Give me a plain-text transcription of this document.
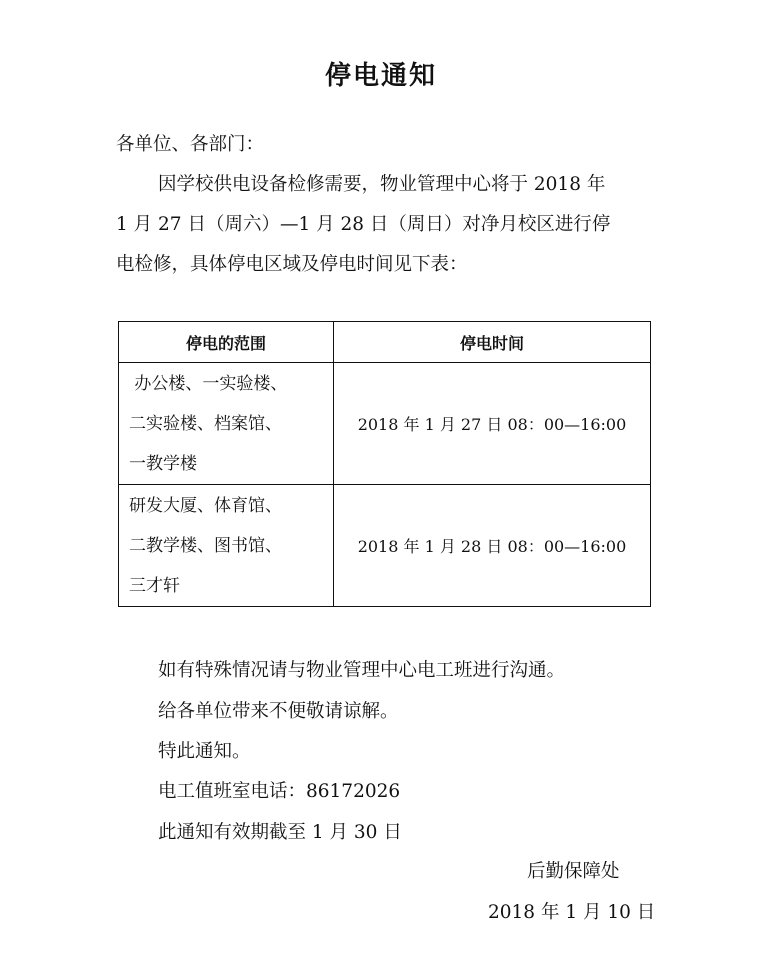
停电通知
各单位、各部门：
因学校供电设备检修需要，物业管理中心将于 2018 年
1 月 27 日（周六）—1 月 28 日（周日）对净月校区进行停
电检修，具体停电区域及停电时间见下表：
停电的范围	停电时间

办公楼、一实验楼、
二实验楼、档案馆、
一教学楼	2018 年 1 月 27 日 08：00—16:00

研发大厦、体育馆、
二教学楼、图书馆、
三才轩	2018 年 1 月 28 日 08：00—16:00
如有特殊情况请与物业管理中心电工班进行沟通。
给各单位带来不便敬请谅解。
特此通知。
电工值班室电话：86172026
此通知有效期截至 1 月 30 日
后勤保障处
2018 年 1 月 10 日
